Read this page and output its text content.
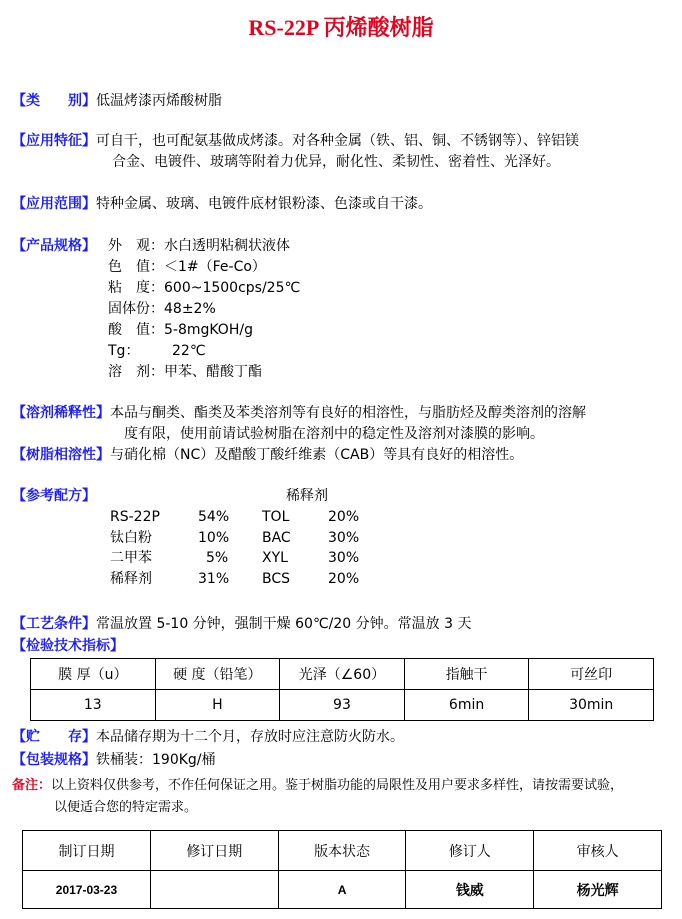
RS-22P 丙烯酸树脂
【类　　别】低温烤漆丙烯酸树脂
【应用特征】可自干，也可配氨基做成烤漆。对各种金属（铁、铝、铜、不锈钢等）、锌铝镁
合金、电镀件、玻璃等附着力优异，耐化性、柔韧性、密着性、光泽好。
【应用范围】特种金属、玻璃、电镀件底材银粉漆、色漆或自干漆。
【产品规格】 外　观：水白透明粘稠状液体
色　值：＜1#（Fe-Co）
粘　度：600~1500cps/25℃
固体份：48±2%
酸　值：5-8mgKOH/g
Tg： 22℃
溶　剂：甲苯、醋酸丁酯
【溶剂稀释性】本品与酮类、酯类及苯类溶剂等有良好的相溶性，与脂肪烃及醇类溶剂的溶解
度有限，使用前请试验树脂在溶剂中的稳定性及溶剂对漆膜的影响。
【树脂相溶性】与硝化棉（NC）及醋酸丁酸纤维素（CAB）等具有良好的相溶性。
【参考配方】	稀释剂
RS-22P	54% TOL	20%
钛白粉	10% BAC	30%
二甲苯	5% XYL	30%
稀释剂	31% BCS	20%
【工艺条件】常温放置 5-10 分钟，强制干燥 60℃/20 分钟。常温放 3 天
【检验技术指标】
膜 厚（u）	硬 度（铅笔）	光泽（∠60）	指触干	可丝印
13	H	93	6min	30min
【贮　　存】本品储存期为十二个月，存放时应注意防火防水。
【包装规格】铁桶装：190Kg/桶
备注：以上资料仅供参考，不作任何保证之用。鉴于树脂功能的局限性及用户要求多样性，请按需要试验，
以便适合您的特定需求。
制订日期	修订日期	版本状态	修订人	审核人
2017-03-23		A	钱威	杨光辉
